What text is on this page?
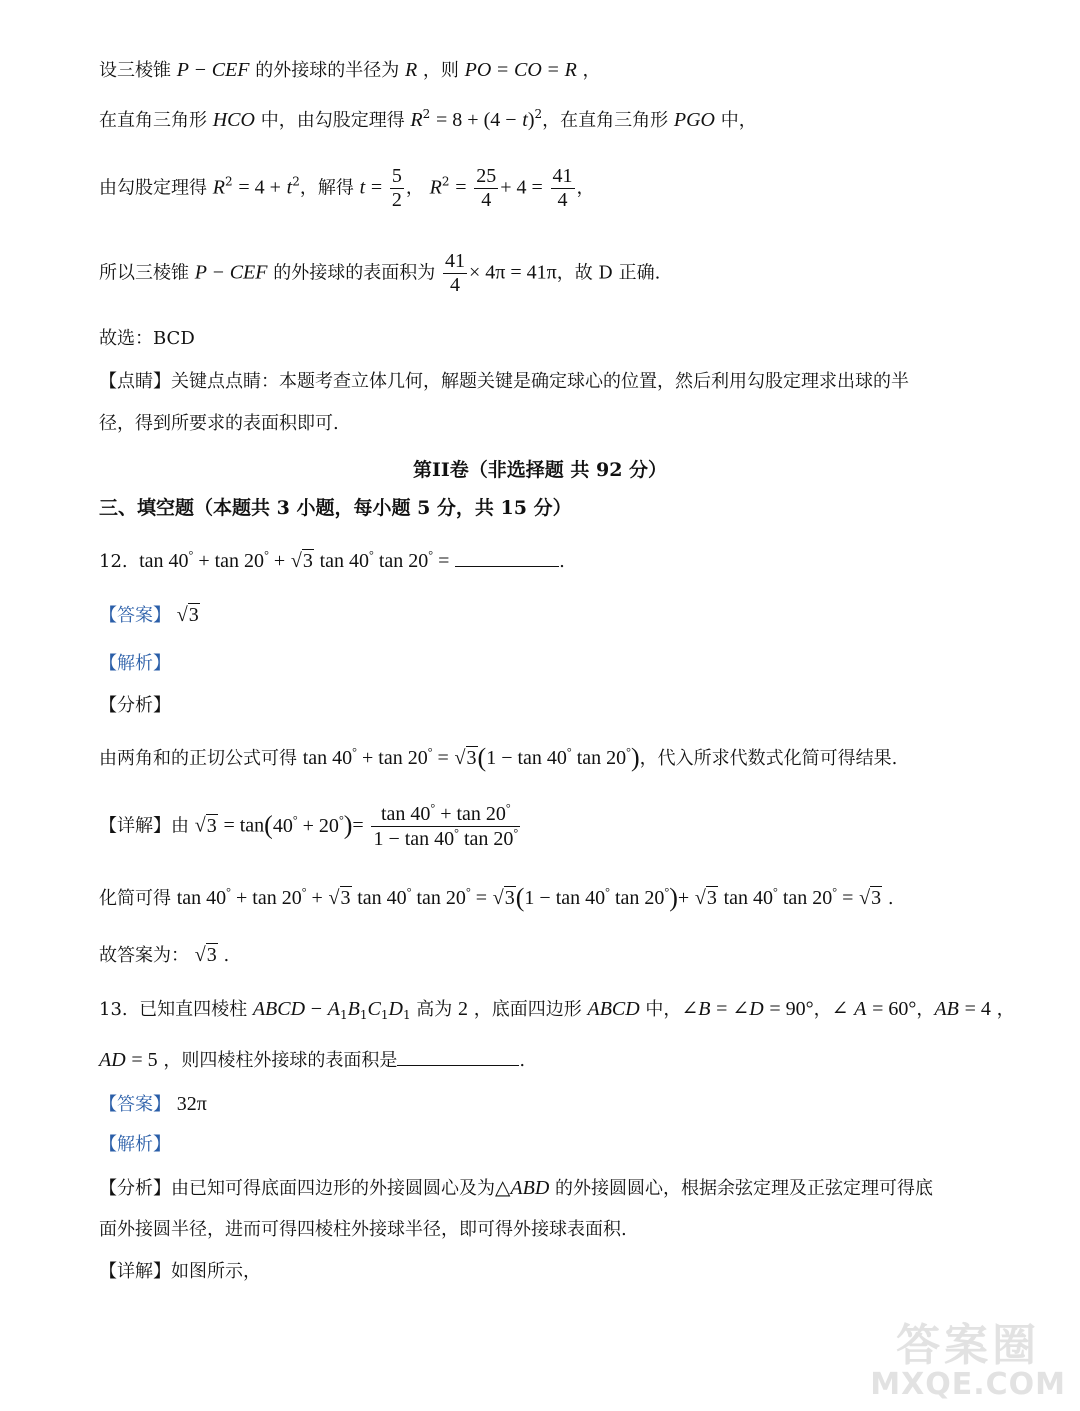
设三棱锥 P − CEF 的外接球的半径为 R ，则 PO = CO = R ，
在直角三角形 HCO 中，由勾股定理得 $R^2 = 8 + (4 - t)^2$，在直角三角形 PGO 中，
由勾股定理得 $R^2 = 4 + t^2$，解得 $t = \frac{5}{2}$ ， $R^2 = \frac{25}{4} + 4 = \frac{41}{4}$ ，
所以三棱锥 P − CEF 的外接球的表面积为 $\frac{41}{4} \times 4\pi = 41\pi$，故 D 正确.
故选：BCD
【点睛】关键点点睛：本题考查立体几何，解题关键是确定球心的位置，然后利用勾股定理求出球的半
径，得到所要求的表面积即可.
第II卷（非选择题 共 92 分）
三、填空题（本题共 3 小题，每小题 5 分，共 15 分）
12. tan 40° + tan 20° + √3 tan 40° tan 20° =	.
【答案】 √3
【解析】
【分析】
由两角和的正切公式可得 tan 40° + tan 20° = √3(1 − tan 40° tan 20°)，代入所求代数式化简可得结果.
【详解】由 $√3 = \tan(40^\circ + 20^\circ)= \frac{\tan 40^\circ + \tan 20^\circ}{1 - \tan 40^\circ \tan 20^\circ}$
化简可得 tan 40° + tan 20° + √3 tan 40° tan 20° = √3(1 − tan 40° tan 20°)+ √3 tan 40° tan 20° = √3 .
故答案为： √3 .
13.  已知直四棱柱 ABCD − $A_1B_1C_1D_1$ 高为 2 ，底面四边形 ABCD 中，∠B = ∠D = 90°，∠ A = 60°，AB = 4 ，
AD = 5 ，则四棱柱外接球的表面积是	.
【答案】 32π
【解析】
【分析】由已知可得底面四边形的外接圆圆心及为△ABD 的外接圆圆心，根据余弦定理及正弦定理可得底
面外接圆半径，进而可得四棱柱外接球半径，即可得外接球表面积.
【详解】如图所示，
答案圈
MXQE.COM
